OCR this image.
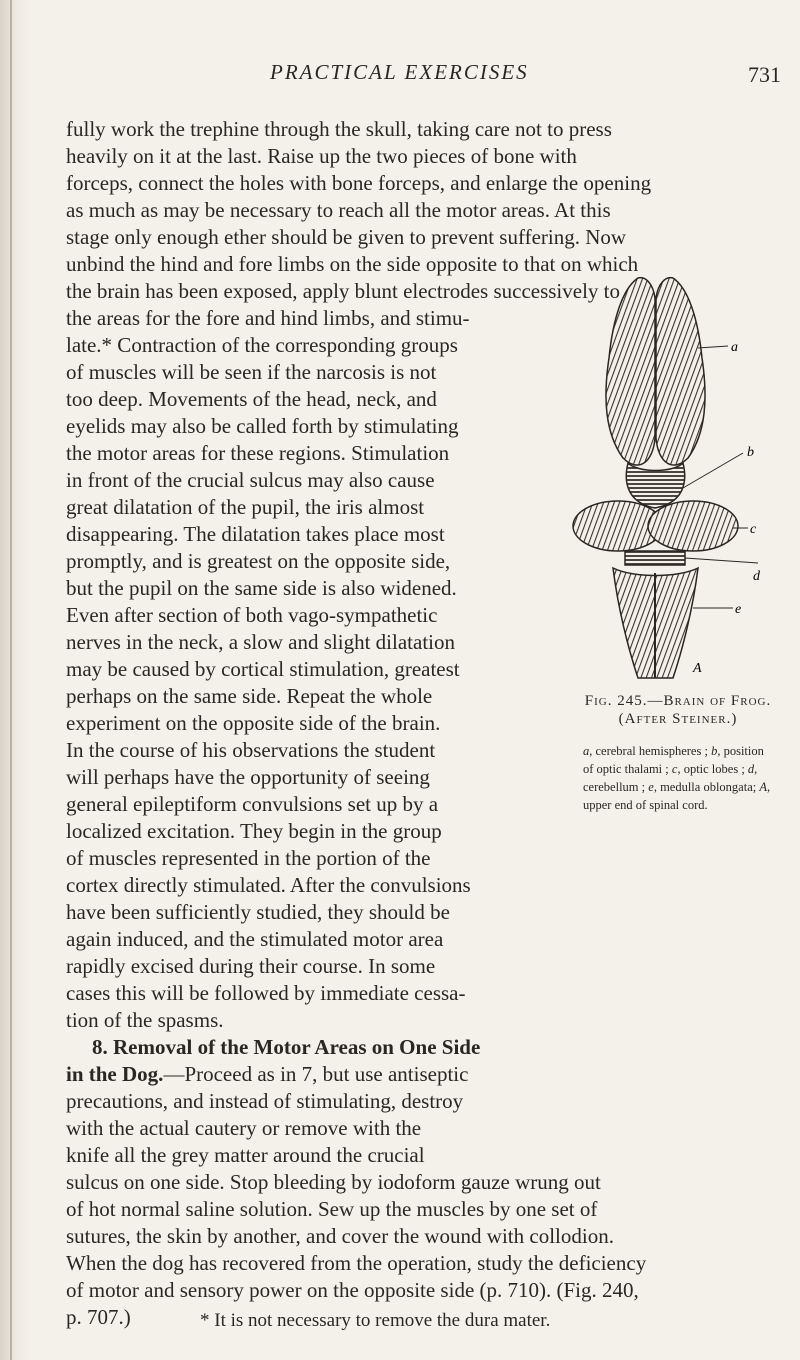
PRACTICAL EXERCISES	731
fully work the trephine through the skull, taking care not to press
heavily on it at the last. Raise up the two pieces of bone with
forceps, connect the holes with bone forceps, and enlarge the opening
as much as may be necessary to reach all the motor areas. At this
stage only enough ether should be given to prevent suffering. Now
unbind the hind and fore limbs on the side opposite to that on which
the brain has been exposed, apply blunt electrodes successively to
the areas for the fore and hind limbs, and stimu-
late.* Contraction of the corresponding groups
of muscles will be seen if the narcosis is not
too deep. Movements of the head, neck, and
eyelids may also be called forth by stimulating
the motor areas for these regions. Stimulation
in front of the crucial sulcus may also cause
great dilatation of the pupil, the iris almost
disappearing. The dilatation takes place most
promptly, and is greatest on the opposite side,
but the pupil on the same side is also widened.
Even after section of both vago-sympathetic
nerves in the neck, a slow and slight dilatation
may be caused by cortical stimulation, greatest
perhaps on the same side. Repeat the whole
experiment on the opposite side of the brain.
In the course of his observations the student
will perhaps have the opportunity of seeing
general epileptiform convulsions set up by a
localized excitation. They begin in the group
of muscles represented in the portion of the
cortex directly stimulated. After the convulsions
have been sufficiently studied, they should be
again induced, and the stimulated motor area
rapidly excised during their course. In some
cases this will be followed by immediate cessa-
tion of the spasms.
8. Removal of the Motor Areas on One Side
in the Dog.—Proceed as in 7, but use antiseptic
precautions, and instead of stimulating, destroy
with the actual cautery or remove with the
knife all the grey matter around the crucial
sulcus on one side. Stop bleeding by iodoform gauze wrung out
of hot normal saline solution. Sew up the muscles by one set of
sutures, the skin by another, and cover the wound with collodion.
When the dog has recovered from the operation, study the deficiency
of motor and sensory power on the opposite side (p. 710). (Fig. 240,
p. 707.)
a
b
c
d
e
A
Fig. 245.—Brain of Frog. (After Steiner.)
a, cerebral hemispheres ; b, position of optic thalami ; c, optic lobes ; d, cerebellum ; e, medulla oblongata; A, upper end of spinal cord.
* It is not necessary to remove the dura mater.
